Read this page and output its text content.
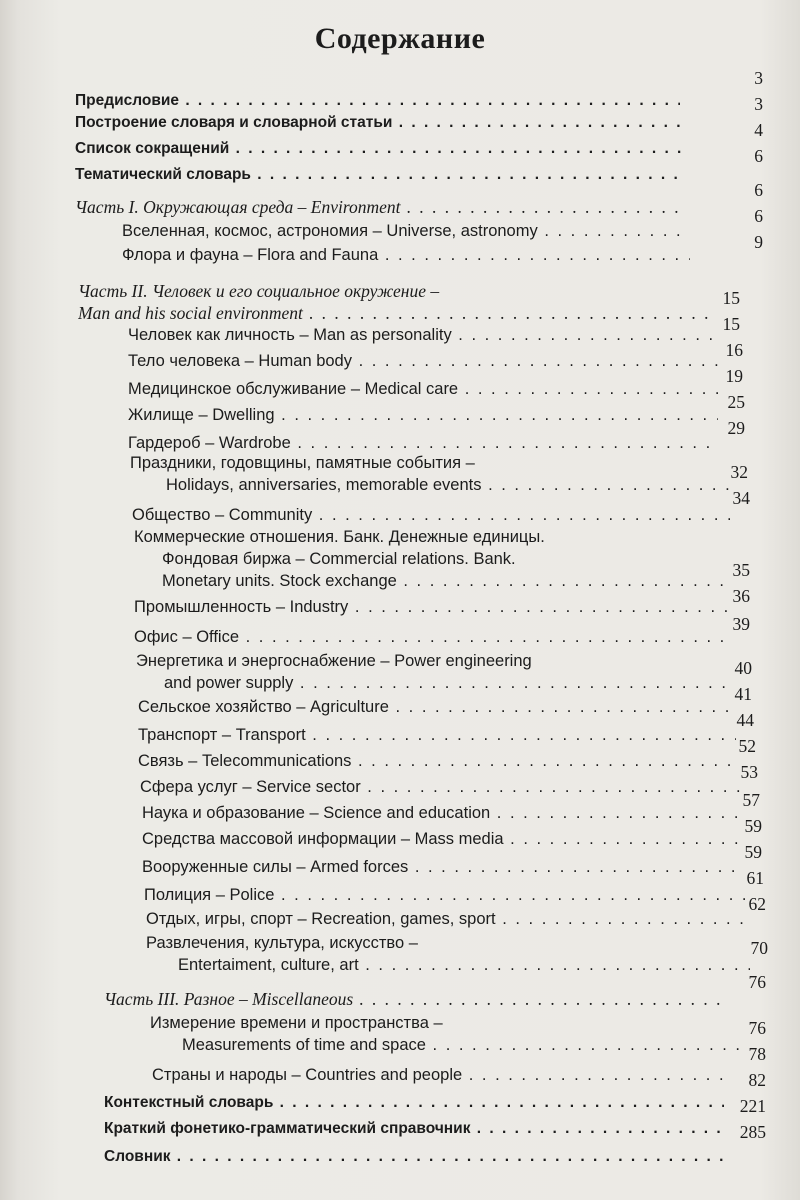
Содержание
Предисловие . . .
3
Построение словаря и словарной статьи . . .
3
Список сокращений . . .
4
Тематический словарь . . .
6
Часть I. Окружающая среда – Environment . . .
6
Вселенная, космос, астрономия – Universe, astronomy . . .
6
Флора и фауна – Flora and Fauna . . .
9
Часть II. Человек и его социальное окружение –
Man and his social environment . . .
15
Человек как личность – Man as personality . . .
15
Тело человека – Human body . . .
16
Медицинское обслуживание – Medical care . . .
19
Жилище – Dwelling . . .
25
Гардероб – Wardrobe . . .
29
Праздники, годовщины, памятные события –
Holidays, anniversaries, memorable events . . .
32
Общество – Community . . .
34
Коммерческие отношения. Банк. Денежные единицы.
Фондовая биржа – Commercial relations. Bank.
Monetary units. Stock exchange . . .
35
Промышленность – Industry . . .
36
Офис – Office . . .
39
Энергетика и энергоснабжение – Power engineering
and power supply . . .
40
Сельское хозяйство – Agriculture . . .
41
Транспорт – Transport . . .
44
Связь – Telecommunications . . .
52
Сфера услуг – Service sector . . .
53
Наука и образование – Science and education . . .
57
Средства массовой информации – Mass media . . .
59
Вооруженные силы – Armed forces . . .
59
Полиция – Police . . .
61
Отдых, игры, спорт – Recreation, games, sport . . .
62
Развлечения, культура, искусство –
Entertaiment, culture, art . . .
70
Часть III. Разное – Miscellaneous . . .
76
Измерение времени и пространства –
Measurements of time and space . . .
76
Страны и народы – Countries and people . . .
78
Контекстный словарь . . .
82
Краткий фонетико-грамматический справочник . . .
221
Словник . . .
285
